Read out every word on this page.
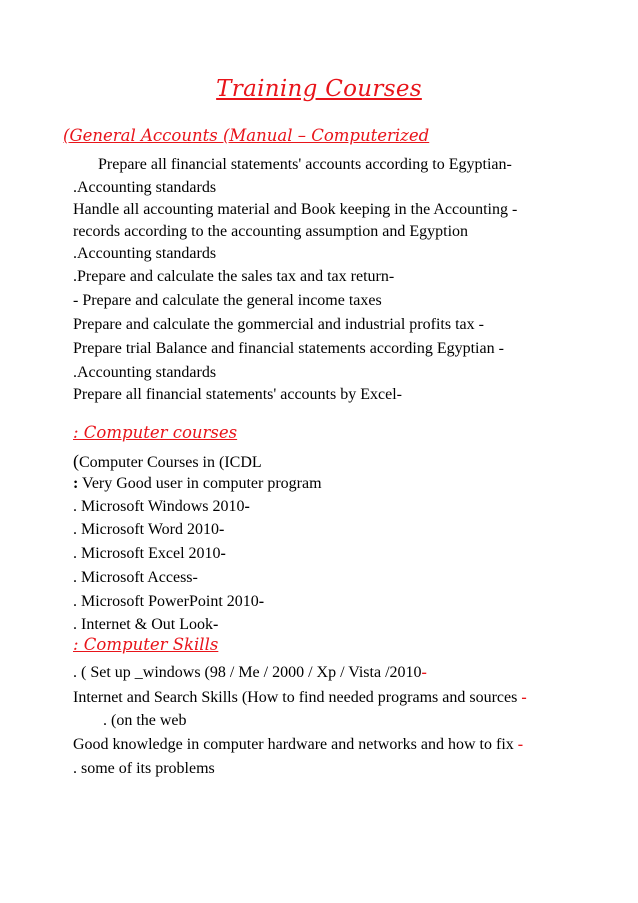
Training Courses
(General Accounts (Manual – Computerized
Prepare all financial statements' accounts according to Egyptian-
.Accounting standards
Handle all accounting material and Book keeping in the Accounting -
records according to the accounting assumption and Egyption
.Accounting standards
.Prepare and calculate the sales tax and tax return-
- Prepare and calculate the general income taxes
Prepare and calculate the gommercial and industrial profits tax -
Prepare trial Balance and financial statements according Egyptian -
.Accounting standards
Prepare all financial statements' accounts by Excel-
: Computer courses
(Computer Courses in (ICDL
: Very Good user in computer program
. Microsoft Windows 2010-
. Microsoft Word 2010-
. Microsoft Excel 2010-
. Microsoft Access-
. Microsoft PowerPoint 2010-
. Internet & Out Look-
: Computer Skills
. ( Set up _windows (98 / Me / 2000 / Xp / Vista /2010-
Internet and Search Skills (How to find needed programs and sources -
. (on the web
Good knowledge in computer hardware and networks and how to fix -
. some of its problems
